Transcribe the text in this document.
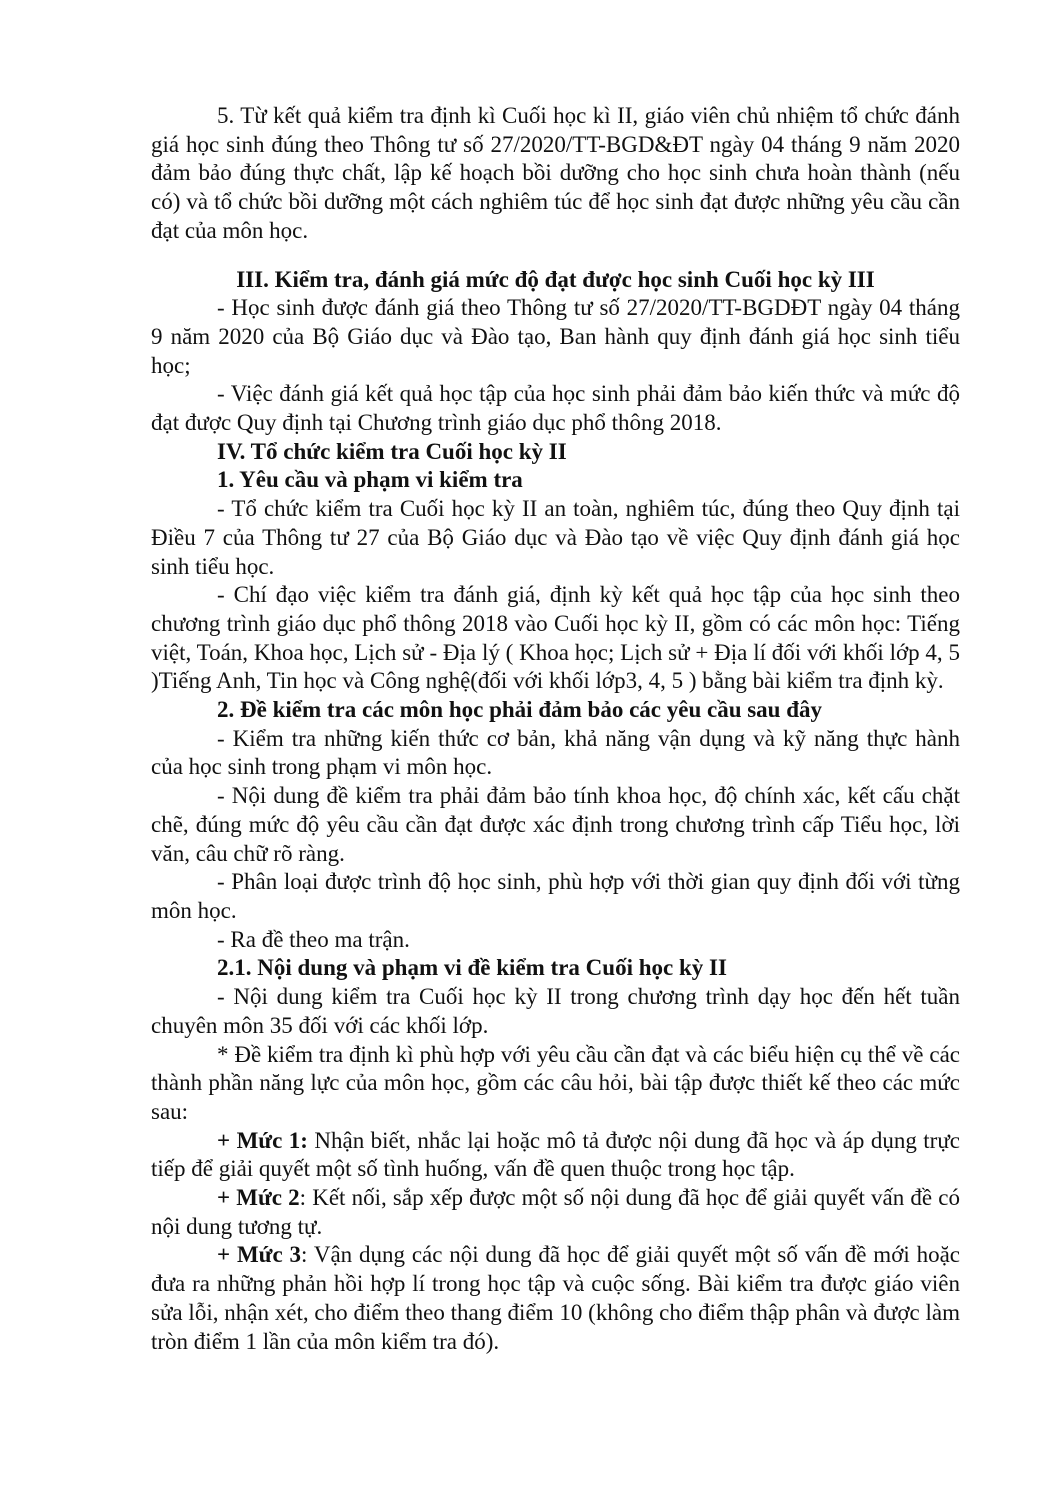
5. Từ kết quả kiểm tra định kì Cuối học kì II, giáo viên chủ nhiệm tổ chức đánh giá học sinh đúng theo Thông tư số 27/2020/TT-BGD&ĐT ngày 04 tháng 9 năm 2020 đảm bảo đúng thực chất, lập kế hoạch bồi dưỡng cho học sinh chưa hoàn thành (nếu có) và tổ chức bồi dưỡng một cách nghiêm túc để học sinh đạt được những yêu cầu cần đạt của môn học.

III. Kiểm tra, đánh giá mức độ đạt được học sinh Cuối học kỳ III

- Học sinh được đánh giá theo Thông tư số 27/2020/TT-BGDĐT ngày 04 tháng 9 năm 2020 của Bộ Giáo dục và Đào tạo, Ban hành quy định đánh giá học sinh tiểu học;

- Việc đánh giá kết quả học tập của học sinh phải đảm bảo kiến thức và mức độ đạt được Quy định tại Chương trình giáo dục phổ thông 2018.

IV. Tổ chức kiểm tra Cuối học kỳ II

1. Yêu cầu và phạm vi kiểm tra

- Tổ chức kiểm tra Cuối học kỳ II an toàn, nghiêm túc, đúng theo Quy định tại Điều 7 của Thông tư 27 của Bộ Giáo dục và Đào tạo về việc Quy định đánh giá học sinh tiểu học.

- Chí đạo việc kiểm tra đánh giá, định kỳ kết quả học tập của học sinh theo chương trình giáo dục phổ thông 2018 vào Cuối học kỳ II, gồm có các môn học: Tiếng việt, Toán, Khoa học, Lịch sử - Địa lý ( Khoa học; Lịch sử + Địa lí đối với khối lớp 4, 5 )Tiếng Anh, Tin học và Công nghệ(đối với khối lớp3, 4, 5 ) bằng bài kiểm tra định kỳ.

2. Đề kiểm tra các môn học phải đảm bảo các yêu cầu sau đây

- Kiểm tra những kiến thức cơ bản, khả năng vận dụng và kỹ năng thực hành của học sinh trong phạm vi môn học.

- Nội dung đề kiểm tra phải đảm bảo tính khoa học, độ chính xác, kết cấu chặt chẽ, đúng mức độ yêu cầu cần đạt được xác định trong chương trình cấp Tiểu học, lời văn, câu chữ rõ ràng.

- Phân loại được trình độ học sinh, phù hợp với thời gian quy định đối với từng môn học.

- Ra đề theo ma trận.

2.1. Nội dung và phạm vi đề kiểm tra Cuối học kỳ II

- Nội dung kiểm tra Cuối học kỳ II trong chương trình dạy học đến hết tuần chuyên môn 35 đối với các khối lớp.

* Đề kiểm tra định kì phù hợp với yêu cầu cần đạt và các biểu hiện cụ thể về các thành phần năng lực của môn học, gồm các câu hỏi, bài tập được thiết kế theo các mức sau:

+ Mức 1: Nhận biết, nhắc lại hoặc mô tả được nội dung đã học và áp dụng trực tiếp để giải quyết một số tình huống, vấn đề quen thuộc trong học tập.

+ Mức 2: Kết nối, sắp xếp được một số nội dung đã học để giải quyết vấn đề có nội dung tương tự.

+ Mức 3: Vận dụng các nội dung đã học để giải quyết một số vấn đề mới hoặc đưa ra những phản hồi hợp lí trong học tập và cuộc sống. Bài kiểm tra được giáo viên sửa lỗi, nhận xét, cho điểm theo thang điểm 10 (không cho điểm thập phân và được làm tròn điểm 1 lần của môn kiểm tra đó).
